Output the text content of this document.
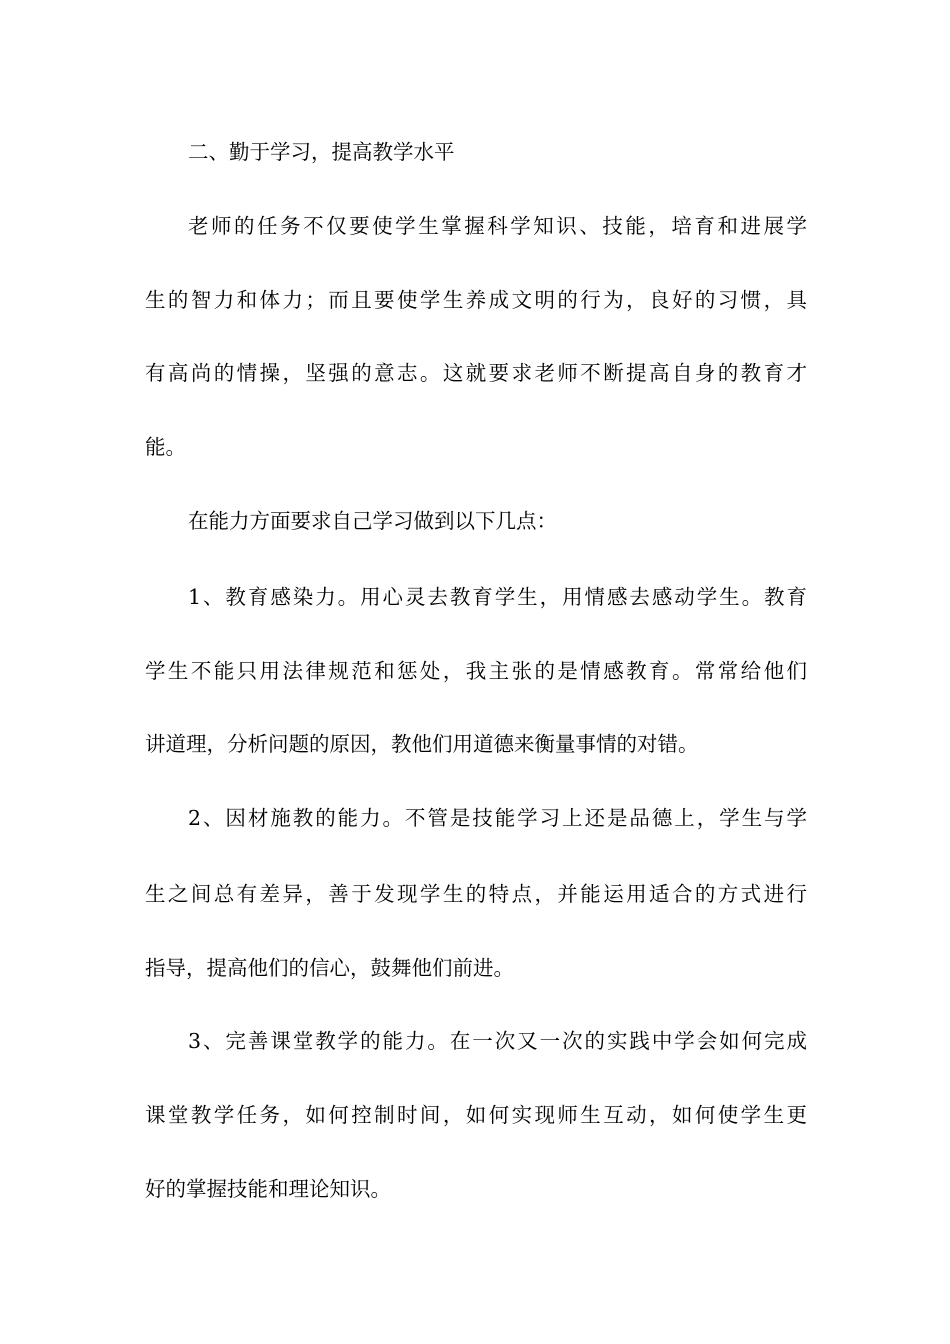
二、勤于学习，提高教学水平
老师的任务不仅要使学生掌握科学知识、技能，培育和进展学
生的智力和体力；而且要使学生养成文明的行为，良好的习惯，具
有高尚的情操，坚强的意志。这就要求老师不断提高自身的教育才
能。
在能力方面要求自己学习做到以下几点：
1、教育感染力。用心灵去教育学生，用情感去感动学生。教育
学生不能只用法律规范和惩处，我主张的是情感教育。常常给他们
讲道理，分析问题的原因，教他们用道德来衡量事情的对错。
2、因材施教的能力。不管是技能学习上还是品德上，学生与学
生之间总有差异，善于发现学生的特点，并能运用适合的方式进行
指导，提高他们的信心，鼓舞他们前进。
3、完善课堂教学的能力。在一次又一次的实践中学会如何完成
课堂教学任务，如何控制时间，如何实现师生互动，如何使学生更
好的掌握技能和理论知识。
